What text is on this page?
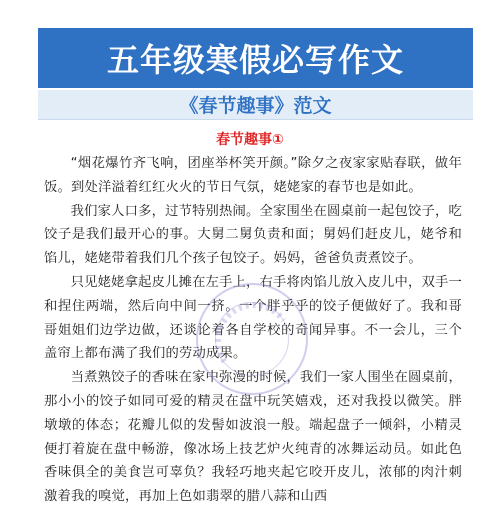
五年级寒假必写作文
《春节趣事》范文
春节趣事①

“烟花爆竹齐飞响，团座举杯笑开颜。”除夕之夜家家贴春联，做年饭。到处洋溢着红红火火的节日气氛，姥姥家的春节也是如此。

我们家人口多，过节特别热闹。全家围坐在圆桌前一起包饺子，吃饺子是我们最开心的事。大舅二舅负责和面；舅妈们赶皮儿，姥爷和馅儿，姥姥带着我们几个孩子包饺子。妈妈，爸爸负责煮饺子。

只见姥姥拿起皮儿摊在左手上，右手将肉馅儿放入皮儿中，双手一和捏住两端，然后向中间一挤。一个胖乎乎的饺子便做好了。我和哥哥姐姐们边学边做，还谈论着各自学校的奇闻异事。不一会儿，三个盖帘上都布满了我们的劳动成果。

当煮熟饺子的香味在家中弥漫的时候，我们一家人围坐在圆桌前，那小小的饺子如同可爱的精灵在盘中玩笑嬉戏，还对我投以微笑。胖墩墩的体态；花瓣儿似的发髻如波浪一般。端起盘子一倾斜，小精灵便打着旋在盘中畅游，像冰场上技艺炉火纯青的冰舞运动员。如此色香味俱全的美食岂可辜负？我轻巧地夹起它咬开皮儿，浓郁的肉汁刺激着我的嗅觉，再加上色如翡翠的腊八蒜和山西
